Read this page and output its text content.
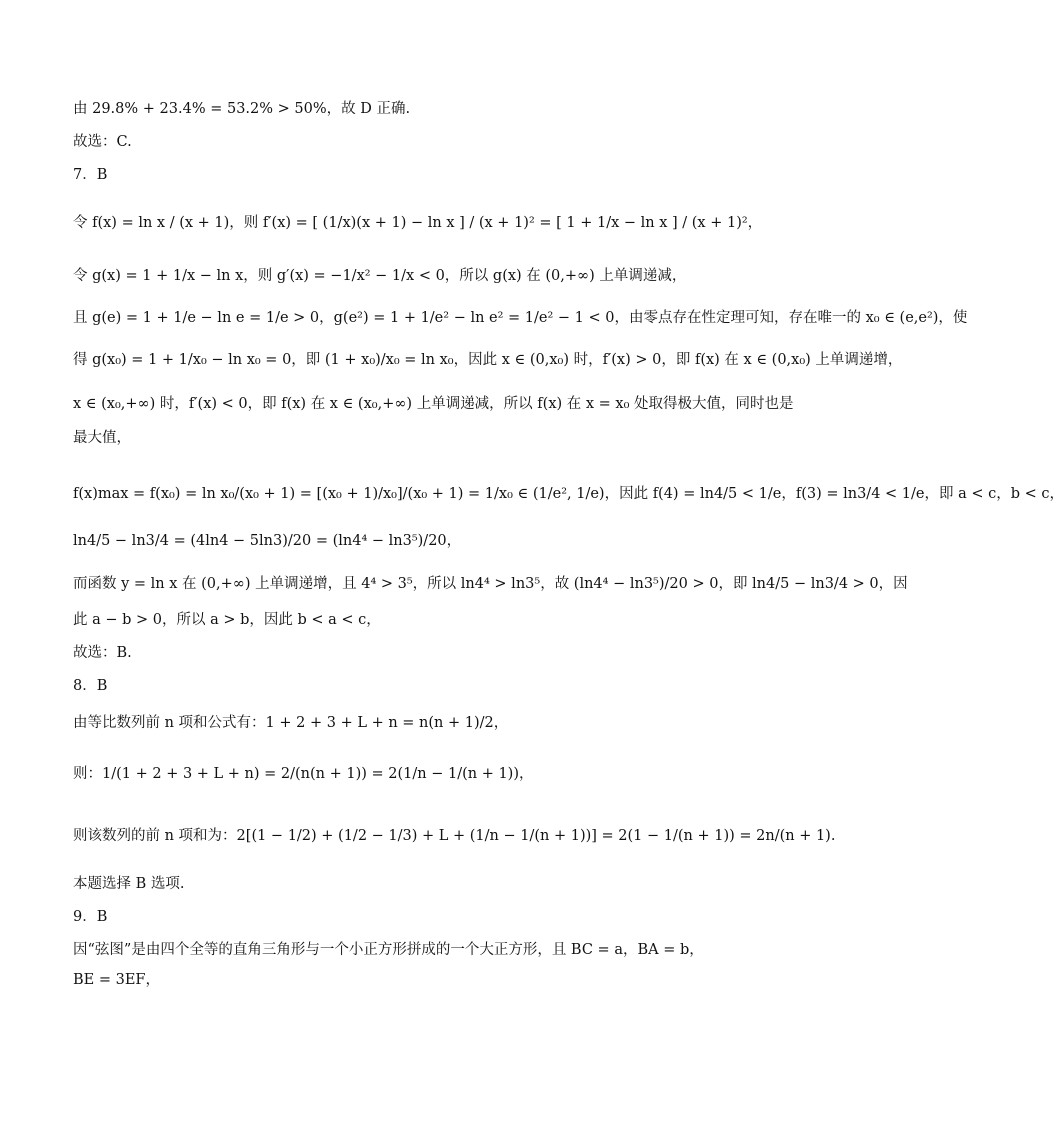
由 29.8% + 23.4% = 53.2% > 50%，故 D 正确.
故选：C.
7．B
令 f(x) = ln x / (x + 1)，则 f′(x) = [ (1/x)(x + 1) − ln x ] / (x + 1)² = [ 1 + 1/x − ln x ] / (x + 1)²，
令 g(x) = 1 + 1/x − ln x，则 g′(x) = −1/x² − 1/x < 0，所以 g(x) 在 (0,+∞) 上单调递减，
且 g(e) = 1 + 1/e − ln e = 1/e > 0，g(e²) = 1 + 1/e² − ln e² = 1/e² − 1 < 0，由零点存在性定理可知，存在唯一的 x₀ ∈ (e,e²)，使
得 g(x₀) = 1 + 1/x₀ − ln x₀ = 0，即 (1 + x₀)/x₀ = ln x₀，因此 x ∈ (0,x₀) 时，f′(x) > 0，即 f(x) 在 x ∈ (0,x₀) 上单调递增，
x ∈ (x₀,+∞) 时，f′(x) < 0，即 f(x) 在 x ∈ (x₀,+∞) 上单调递减，所以 f(x) 在 x = x₀ 处取得极大值，同时也是
最大值，
f(x)max = f(x₀) = ln x₀/(x₀ + 1) = [(x₀ + 1)/x₀]/(x₀ + 1) = 1/x₀ ∈ (1/e², 1/e)，因此 f(4) = ln4/5 < 1/e，f(3) = ln3/4 < 1/e，即 a < c，b < c，
ln4/5 − ln3/4 = (4ln4 − 5ln3)/20 = (ln4⁴ − ln3⁵)/20，
而函数 y = ln x 在 (0,+∞) 上单调递增，且 4⁴ > 3⁵，所以 ln4⁴ > ln3⁵，故 (ln4⁴ − ln3⁵)/20 > 0，即 ln4/5 − ln3/4 > 0，因
此 a − b > 0，所以 a > b，因此 b < a < c，
故选：B.
8．B
由等比数列前 n 项和公式有：1 + 2 + 3 + L + n = n(n + 1)/2，
则：1/(1 + 2 + 3 + L + n) = 2/(n(n + 1)) = 2(1/n − 1/(n + 1))，
则该数列的前 n 项和为：2[(1 − 1/2) + (1/2 − 1/3) + L + (1/n − 1/(n + 1))] = 2(1 − 1/(n + 1)) = 2n/(n + 1).
本题选择 B 选项.
9．B
因“弦图”是由四个全等的直角三角形与一个小正方形拼成的一个大正方形，且 BC = a，BA = b，
BE = 3EF，
